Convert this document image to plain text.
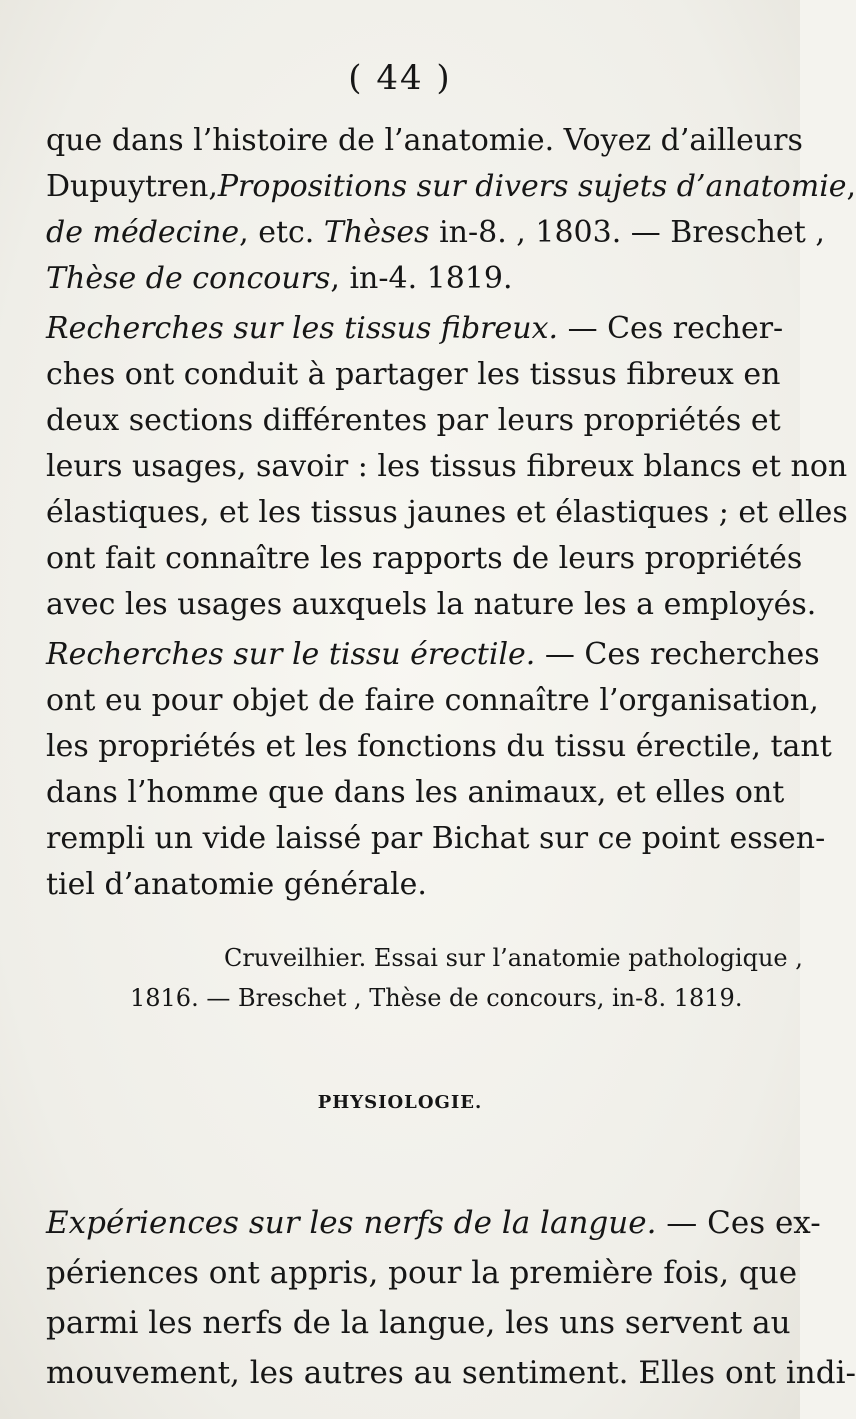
( 44 )
que dans l’histoire de l’anatomie. Voyez d’ailleurs
Dupuytren,Propositions sur divers sujets d’anatomie,
de médecine, etc. Thèses in-8. , 1803. — Breschet ,
Thèse de concours, in-4. 1819.
Recherches sur les tissus fibreux. — Ces recher-
ches ont conduit à partager les tissus fibreux en
deux sections différentes par leurs propriétés et
leurs usages, savoir : les tissus fibreux blancs et non
élastiques, et les tissus jaunes et élastiques ; et elles
ont fait connaître les rapports de leurs propriétés
avec les usages auxquels la nature les a employés.
Recherches sur le tissu érectile. — Ces recherches
ont eu pour objet de faire connaître l’organisation,
les propriétés et les fonctions du tissu érectile, tant
dans l’homme que dans les animaux, et elles ont
rempli un vide laissé par Bichat sur ce point essen-
tiel d’anatomie générale.
Cruveilhier. Essai sur l’anatomie pathologique ,
1816. — Breschet , Thèse de concours, in-8. 1819.
PHYSIOLOGIE.
Expériences sur les nerfs de la langue. — Ces ex-
périences ont appris, pour la première fois, que
parmi les nerfs de la langue, les uns servent au
mouvement, les autres au sentiment. Elles ont indi-
